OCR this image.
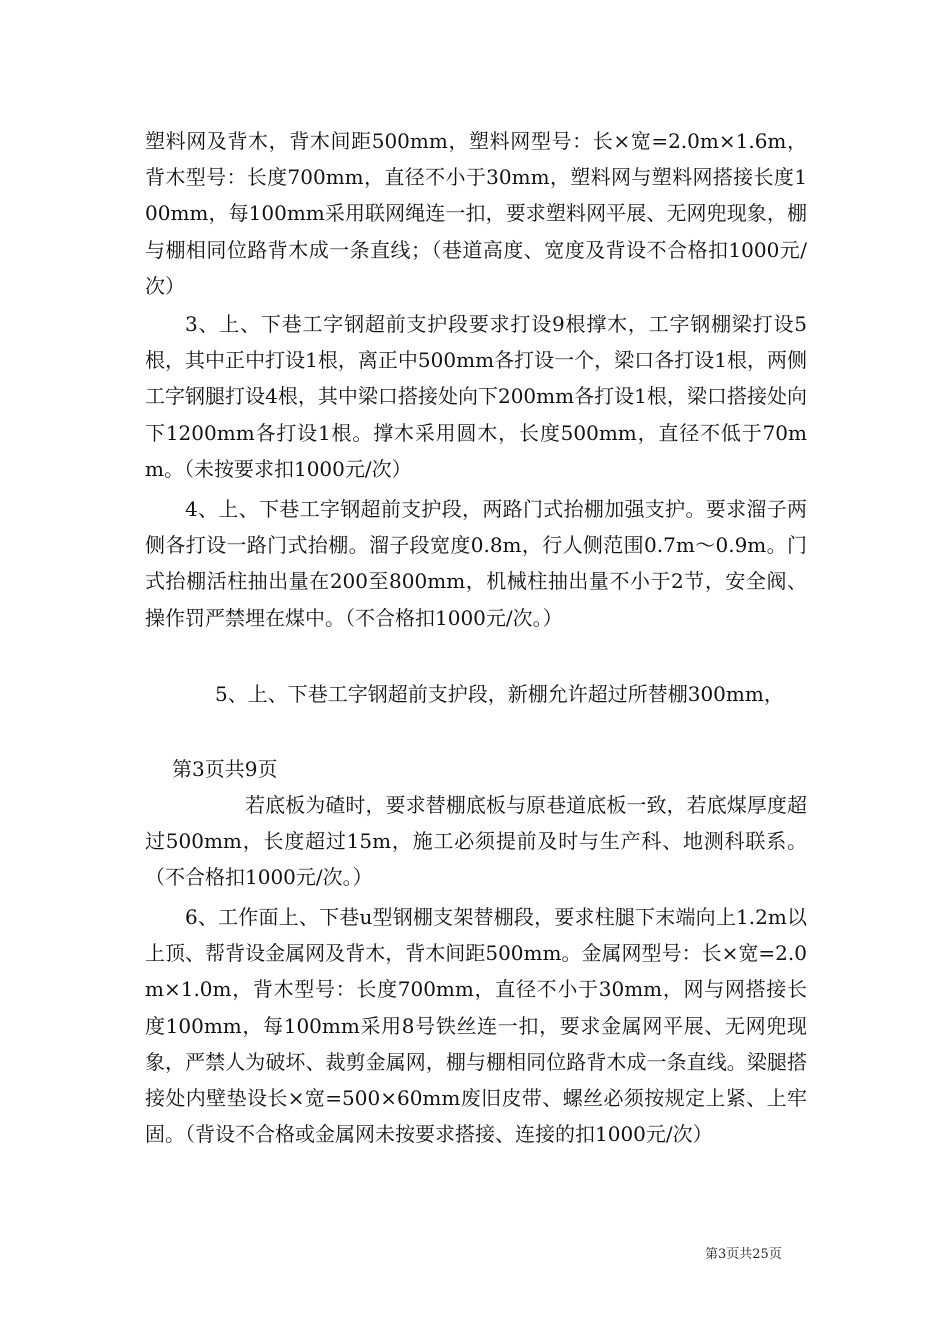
塑料网及背木，背木间距500mm，塑料网型号：长×宽=2.0m×1.6m，背木型号：长度700mm，直径不小于30mm，塑料网与塑料网搭接长度100mm，每100mm采用联网绳连一扣，要求塑料网平展、无网兜现象，棚与棚相同位路背木成一条直线；（巷道高度、宽度及背设不合格扣1000元/次）

3、上、下巷工字钢超前支护段要求打设9根撑木，工字钢棚梁打设5根，其中正中打设1根，离正中500mm各打设一个，梁口各打设1根，两侧工字钢腿打设4根，其中梁口搭接处向下200mm各打设1根，梁口搭接处向下1200mm各打设1根。撑木采用圆木，长度500mm，直径不低于70mm。（未按要求扣1000元/次）

4、上、下巷工字钢超前支护段，两路门式抬棚加强支护。要求溜子两侧各打设一路门式抬棚。溜子段宽度0.8m，行人侧范围0.7m～0.9m。门式抬棚活柱抽出量在200至800mm，机械柱抽出量不小于2节，安全阀、操作罚严禁埋在煤中。（不合格扣1000元/次。）

5、上、下巷工字钢超前支护段，新棚允许超过所替棚300mm，

第3页共9页

若底板为碴时，要求替棚底板与原巷道底板一致，若底煤厚度超过500mm，长度超过15m，施工必须提前及时与生产科、地测科联系。（不合格扣1000元/次。）

6、工作面上、下巷u型钢棚支架替棚段，要求柱腿下末端向上1.2m以上顶、帮背设金属网及背木，背木间距500mm。金属网型号：长×宽=2.0m×1.0m，背木型号：长度700mm，直径不小于30mm，网与网搭接长度100mm，每100mm采用8号铁丝连一扣，要求金属网平展、无网兜现象，严禁人为破坏、裁剪金属网，棚与棚相同位路背木成一条直线。梁腿搭接处内壁垫设长×宽=500×60mm废旧皮带、螺丝必须按规定上紧、上牢固。（背设不合格或金属网未按要求搭接、连接的扣1000元/次）

第3页共25页
